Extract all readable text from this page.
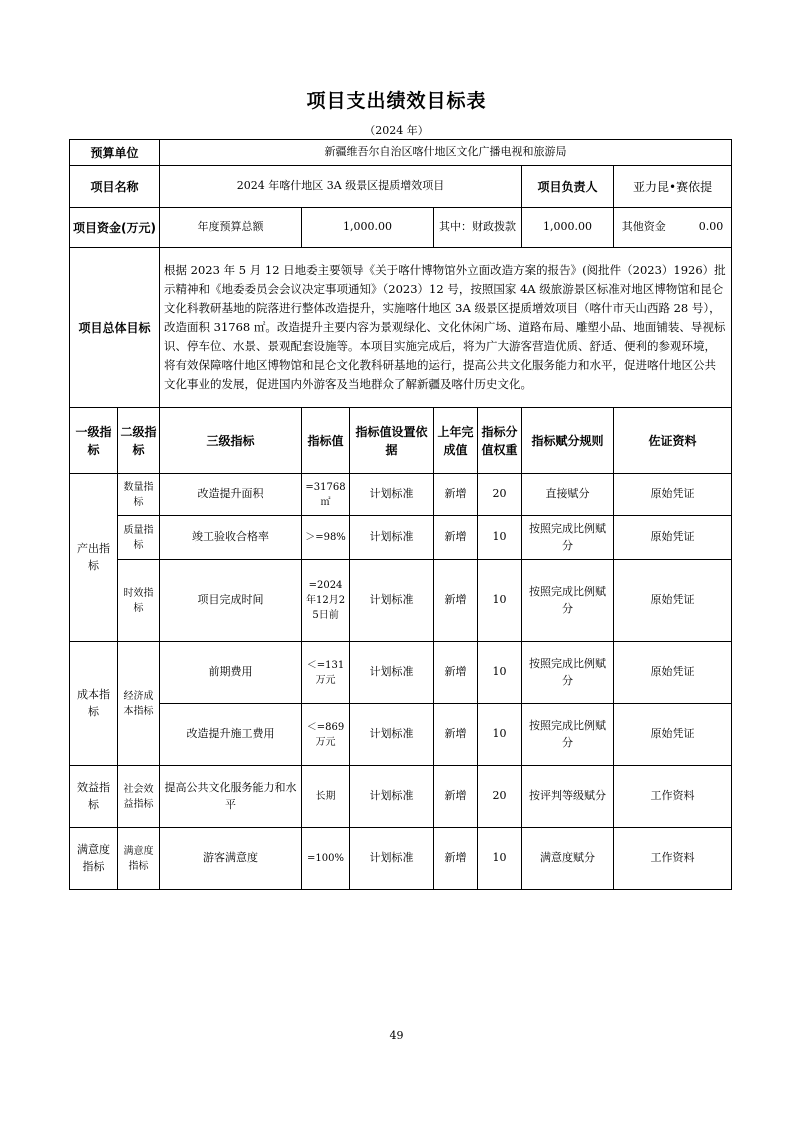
项目支出绩效目标表
（2024 年）
预算单位		新疆维吾尔自治区喀什地区文化广播电视和旅游局						
项目名称		2024 年喀什地区 3A 级景区提质增效项目					项目负责人	亚力昆•赛依提
项目资金(万元)		年度预算总额	1,000.00		其中：财政拨款		1,000.00	其他资金 0.00
项目总体目标		根据 2023 年 5 月 12 日地委主要领导《关于喀什博物馆外立面改造方案的报告》(阅批件（2023）1926）批示精神和《地委委员会会议决定事项通知》（2023）12 号，按照国家 4A 级旅游景区标准对地区博物馆和昆仑文化科教研基地的院落进行整体改造提升，实施喀什地区 3A 级景区提质增效项目（喀什市天山西路 28 号），改造面积 31768 ㎡。改造提升主要内容为景观绿化、文化休闲广场、道路布局、雕塑小品、地面铺装、导视标识、停车位、水景、景观配套设施等。本项目实施完成后，将为广大游客营造优质、舒适、便利的参观环境，将有效保障喀什地区博物馆和昆仑文化教科研基地的运行，提高公共文化服务能力和水平，促进喀什地区公共文化事业的发展，促进国内外游客及当地群众了解新疆及喀什历史文化。						
一级指标	二级指标	三级指标	指标值	指标值设置依据	上年完成值	指标分值权重	指标赋分规则	佐证资料
产出指标	数量指标	改造提升面积	=31768 ㎡	计划标准	新增	20	直接赋分	原始凭证
	质量指标	竣工验收合格率	＞=98%	计划标准	新增	10	按照完成比例赋分	原始凭证
	时效指标	项目完成时间	=2024年12月25日前	计划标准	新增	10	按照完成比例赋分	原始凭证
成本指标	经济成本指标	前期费用	＜=131万元	计划标准	新增	10	按照完成比例赋分	原始凭证
		改造提升施工费用	＜=869万元	计划标准	新增	10	按照完成比例赋分	原始凭证
效益指标	社会效益指标	提高公共文化服务能力和水平	长期	计划标准	新增	20	按评判等级赋分	工作资料
满意度指标	满意度指标	游客满意度	=100%	计划标准	新增	10	满意度赋分	工作资料
49
